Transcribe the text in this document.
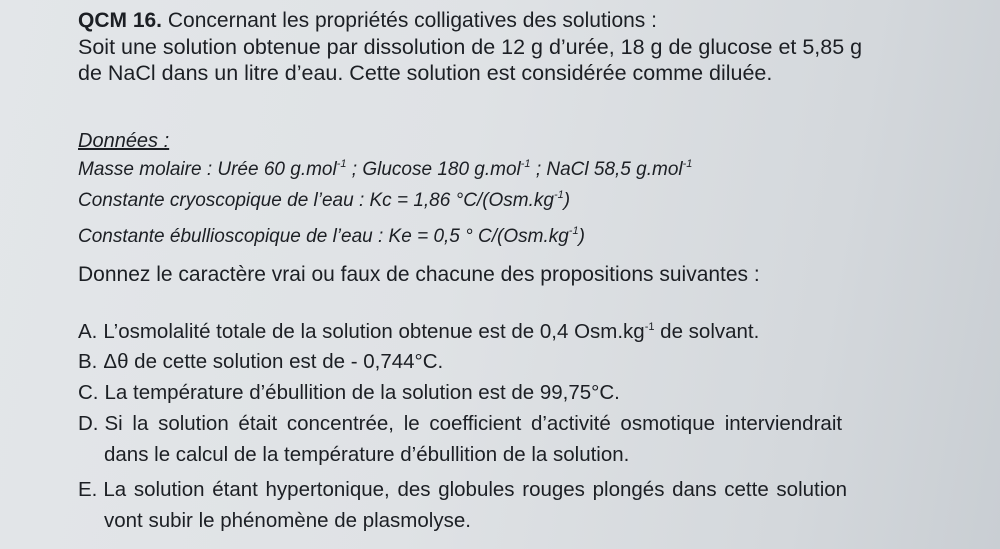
QCM 16. Concernant les propriétés colligatives des solutions :
Soit une solution obtenue par dissolution de 12 g d’urée, 18 g de glucose et 5,85 g
de NaCl dans un litre d’eau. Cette solution est considérée comme diluée.
Données :
Masse molaire : Urée 60 g.mol$^{-1}$ ; Glucose 180 g.mol$^{-1}$ ; NaCl 58,5 g.mol$^{-1}$
Constante cryoscopique de l’eau : Kc = 1,86 $^\circ C/(Osm.kg^{-1})$
Constante ébullioscopique de l’eau : Ke = 0,5 ° $C/(Osm.kg^{-1})$
Donnez le caractère vrai ou faux de chacune des propositions suivantes :
A. L’osmolalité totale de la solution obtenue est de 0,4 $Osm.kg^{-1}$ de solvant.
B. Δθ de cette solution est de - 0,744°C.
C. La température d’ébullition de la solution est de 99,75°C.
D. Si la solution était concentrée, le coefficient d’activité osmotique interviendrait
dans le calcul de la température d’ébullition de la solution.
E. La solution étant hypertonique, des globules rouges plongés dans cette solution
vont subir le phénomène de plasmolyse.
